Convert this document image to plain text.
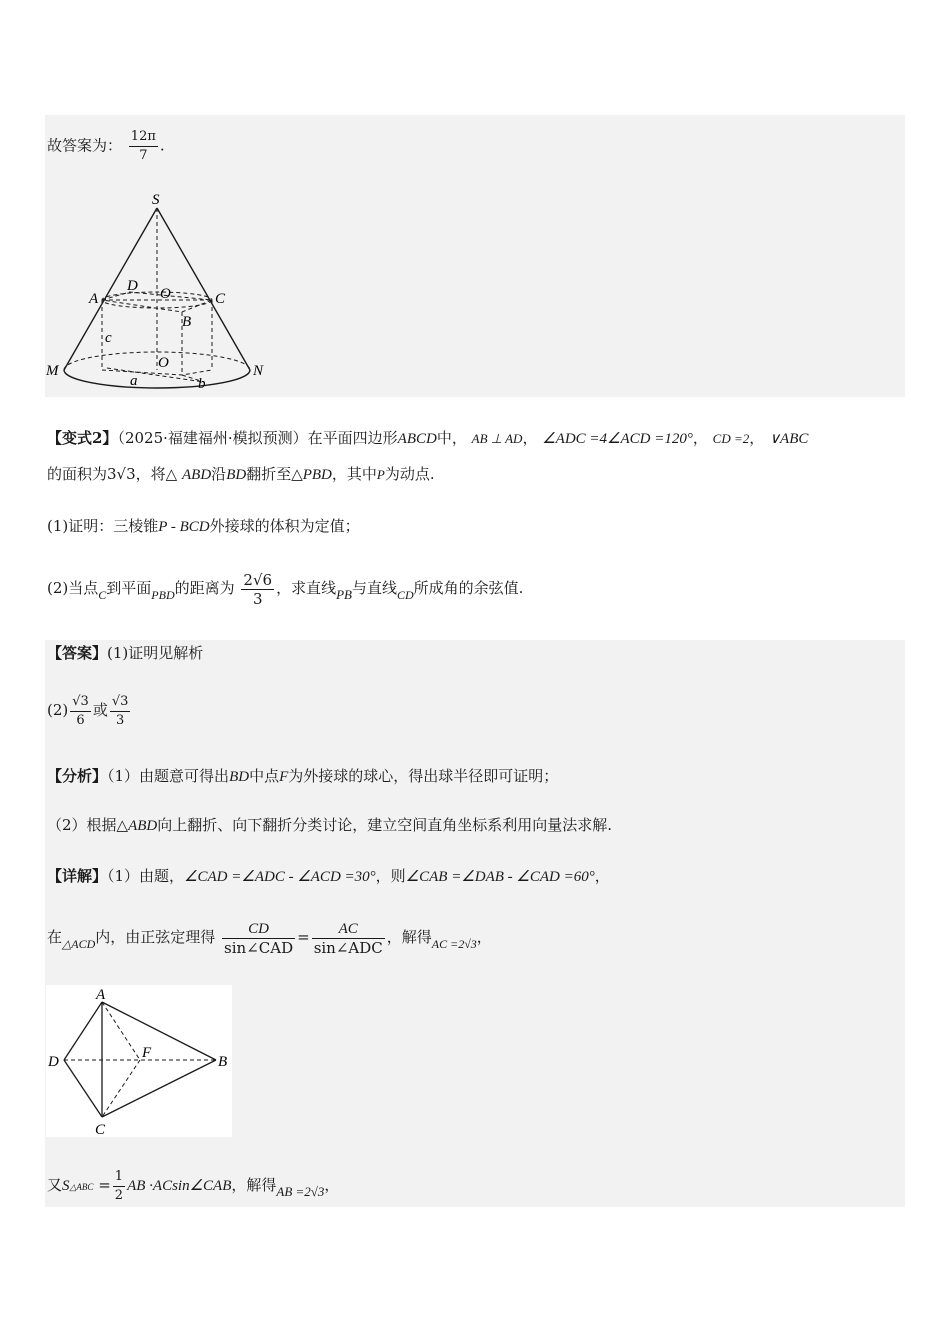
故答案为： $\frac{12\pi}{7}$ .
S
A	C
D O
B
c
O
M	N
a	b
【变式2】（2025·福建福州·模拟预测）在平面四边形ABCD中， AB ⊥ AD， ∠ADC =4∠ACD =120°， CD =2， ∨ABC
的面积为3√3，将△ ABD沿BD翻折至△PBD，其中P为动点.
(1)证明：三棱锥P - BCD外接球的体积为定值；
(2)当点$_C$到平面$_{PBD}$的距离为 $\frac{2√6}{3}$ ，求直线PB与直线$_{CD}$所成角的余弦值.
【答案】(1)证明见解析
$(2) \frac{√3}{6}$ 或 $\frac{√3}{3}$
【分析】（1）由题意可得出BD中点F为外接球的球心，得出球半径即可证明；
（2）根据△ABD向上翻折、向下翻折分类讨论，建立空间直角坐标系利用向量法求解.
【详解】（1）由题，∠CAD =∠ADC - ∠ACD =30°，则∠CAB =∠DAB - ∠CAD =60°，
在$_{\triangle ACD}$内，由正弦定理得 $\frac{CD}{\text{sin∠CAD}} = \frac{AC}{\text{sin∠ADC}}$ ，解得$_{AC =2√3}$，
A
D
F
B
C
又S△ABC = $\frac{1}{2}$ AB ·ACsin∠CAB，解得AB =2√3，
